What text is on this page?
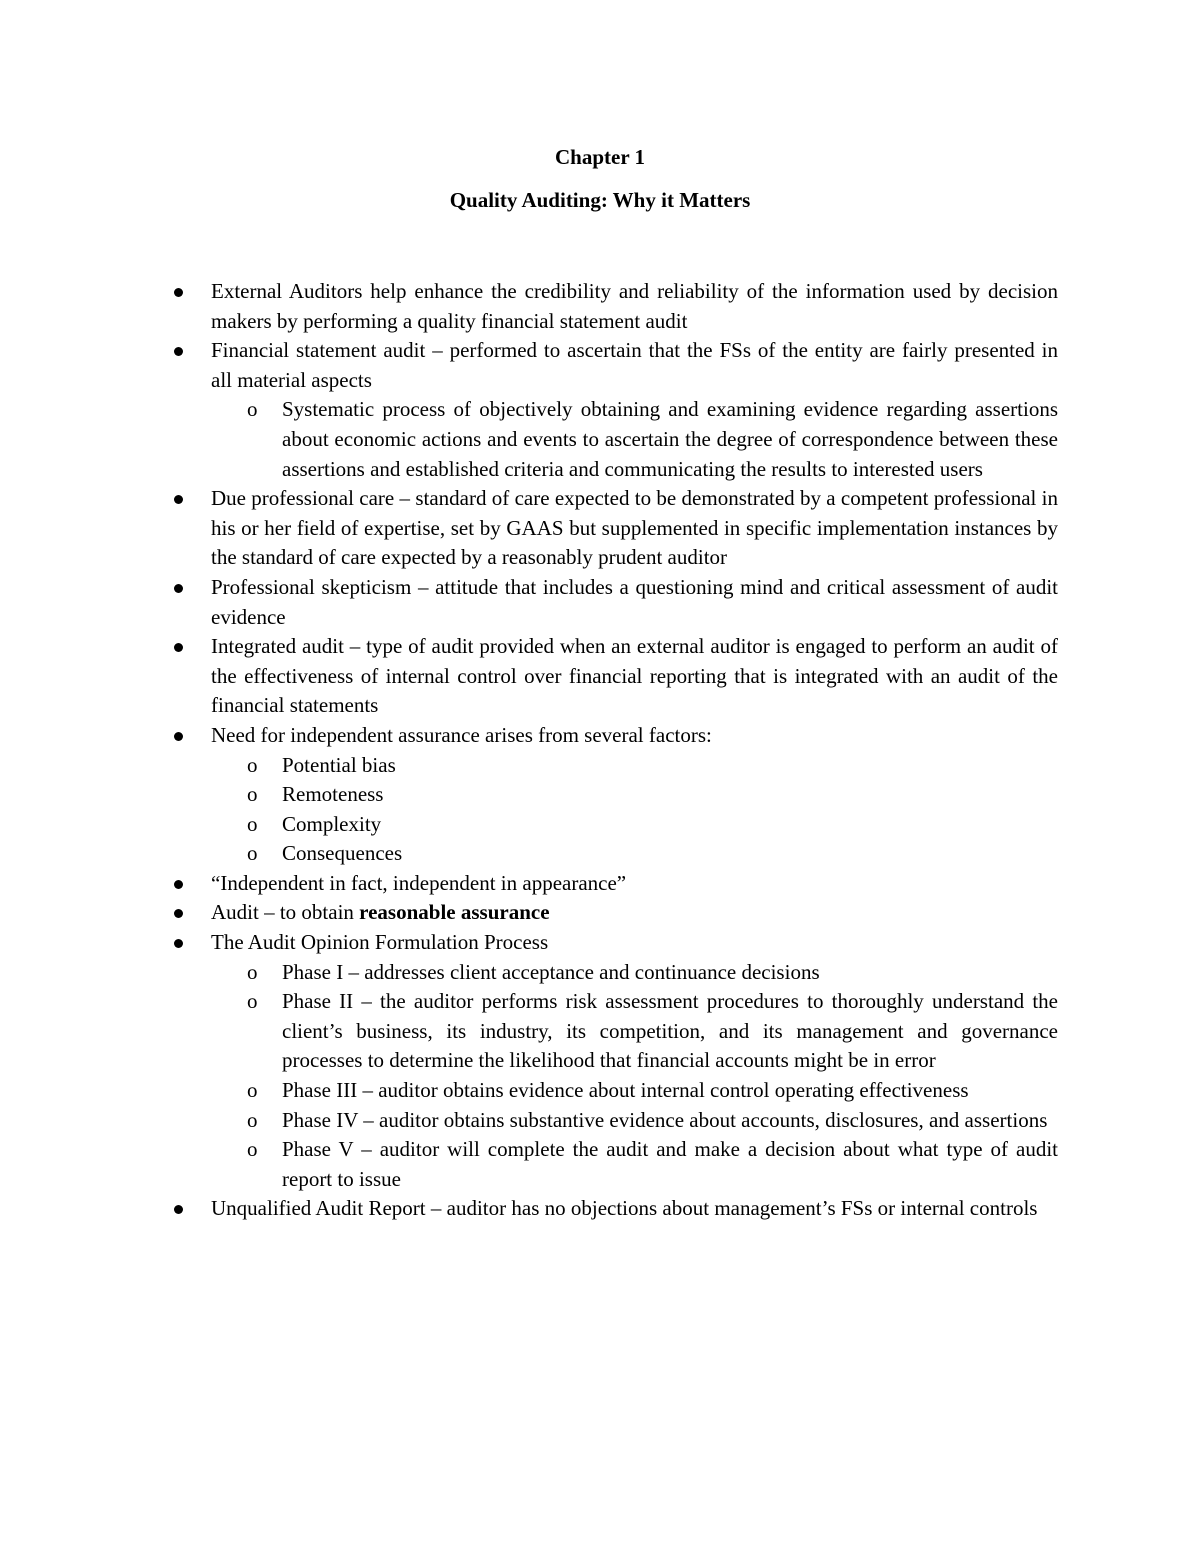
Chapter 1
Quality Auditing: Why it Matters
External Auditors help enhance the credibility and reliability of the information used by decision makers by performing a quality financial statement audit
Financial statement audit – performed to ascertain that the FSs of the entity are fairly presented in all material aspects
o Systematic process of objectively obtaining and examining evidence regarding assertions about economic actions and events to ascertain the degree of correspondence between these assertions and established criteria and communicating the results to interested users
Due professional care – standard of care expected to be demonstrated by a competent professional in his or her field of expertise, set by GAAS but supplemented in specific implementation instances by the standard of care expected by a reasonably prudent auditor
Professional skepticism – attitude that includes a questioning mind and critical assessment of audit evidence
Integrated audit – type of audit provided when an external auditor is engaged to perform an audit of the effectiveness of internal control over financial reporting that is integrated with an audit of the financial statements
Need for independent assurance arises from several factors:
o Potential bias
o Remoteness
o Complexity
o Consequences
“Independent in fact, independent in appearance”
Audit – to obtain reasonable assurance
The Audit Opinion Formulation Process
o Phase I – addresses client acceptance and continuance decisions
o Phase II – the auditor performs risk assessment procedures to thoroughly understand the client’s business, its industry, its competition, and its management and governance processes to determine the likelihood that financial accounts might be in error
o Phase III – auditor obtains evidence about internal control operating effectiveness
o Phase IV – auditor obtains substantive evidence about accounts, disclosures, and assertions
o Phase V – auditor will complete the audit and make a decision about what type of audit report to issue
Unqualified Audit Report – auditor has no objections about management’s FSs or internal controls
